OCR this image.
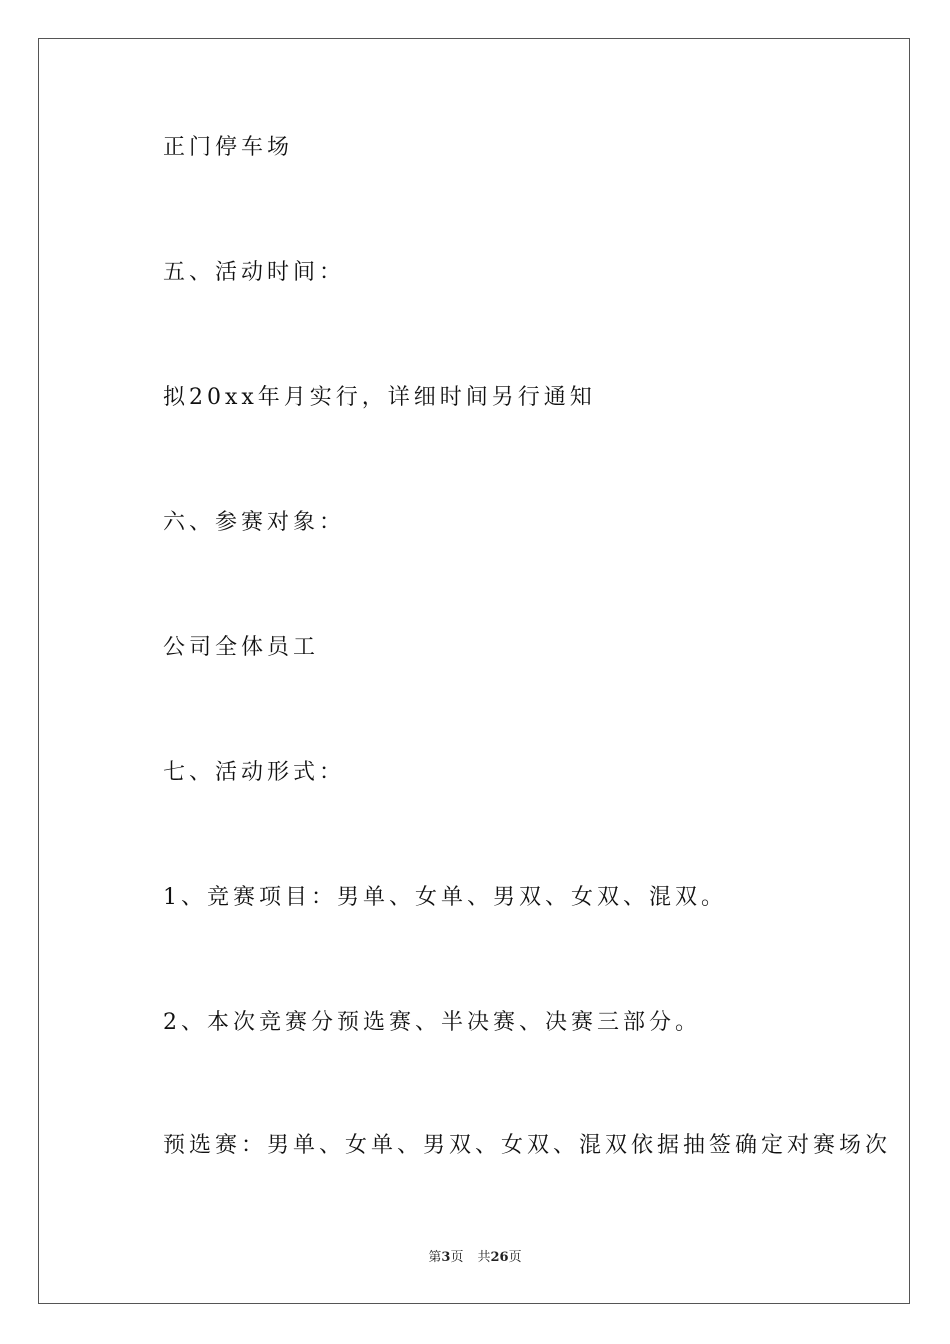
正门停车场
五、活动时间：
拟20xx年月实行，详细时间另行通知
六、参赛对象：
公司全体员工
七、活动形式：
1、竞赛项目：男单、女单、男双、女双、混双。
2、本次竞赛分预选赛、半决赛、决赛三部分。
预选赛：男单、女单、男双、女双、混双依据抽签确定对赛场次
第3页 共26页
